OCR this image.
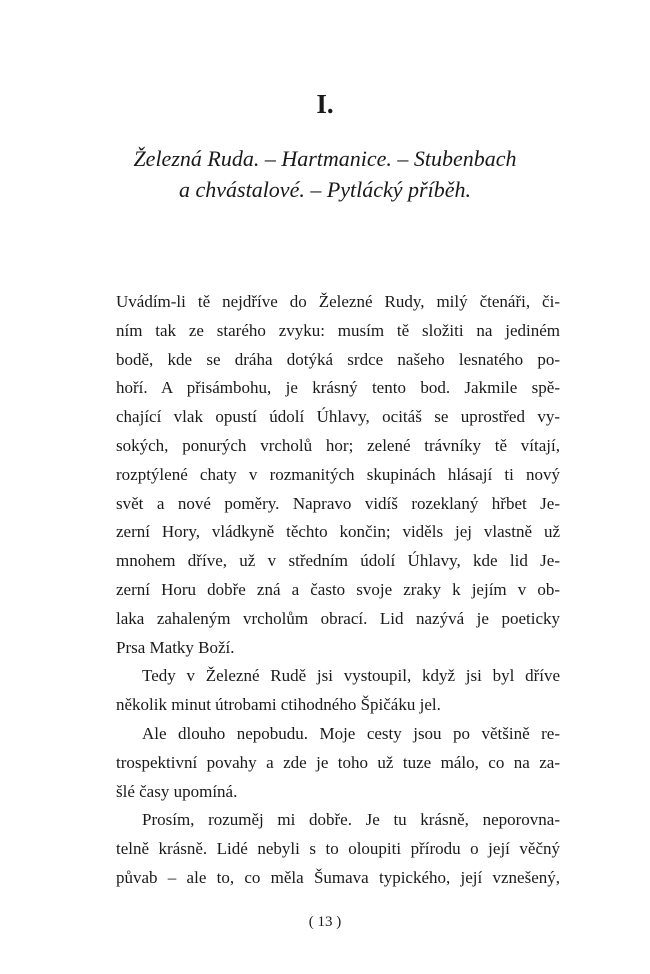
I.
Železná Ruda. – Hartmanice. – Stubenbach
a chvástalové. – Pytlácký příběh.
Uvádím-li tě nejdříve do Železné Rudy, milý čtenáři, či-
ním tak ze starého zvyku: musím tě složiti na jediném
bodě, kde se dráha dotýká srdce našeho lesnatého po-
hoří. A přisámbohu, je krásný tento bod. Jakmile spě-
chající vlak opustí údolí Úhlavy, ocitáš se uprostřed vy-
sokých, ponurých vrcholů hor; zelené trávníky tě vítají,
rozptýlené chaty v rozmanitých skupinách hlásají ti nový
svět a nové poměry. Napravo vidíš rozeklaný hřbet Je-
zerní Hory, vládkyně těchto končin; viděls jej vlastně už
mnohem dříve, už v středním údolí Úhlavy, kde lid Je-
zerní Horu dobře zná a často svoje zraky k jejím v ob-
laka zahaleným vrcholům obrací. Lid nazývá je poeticky
Prsa Matky Boží.
Tedy v Železné Rudě jsi vystoupil, když jsi byl dříve
několik minut útrobami ctihodného Špičáku jel.
Ale dlouho nepobudu. Moje cesty jsou po většině re-
trospektivní povahy a zde je toho už tuze málo, co na za-
šlé časy upomíná.
Prosím, rozuměj mi dobře. Je tu krásně, neporovna-
telně krásně. Lidé nebyli s to oloupiti přírodu o její věčný
půvab – ale to, co měla Šumava typického, její vznešený,
( 13 )
